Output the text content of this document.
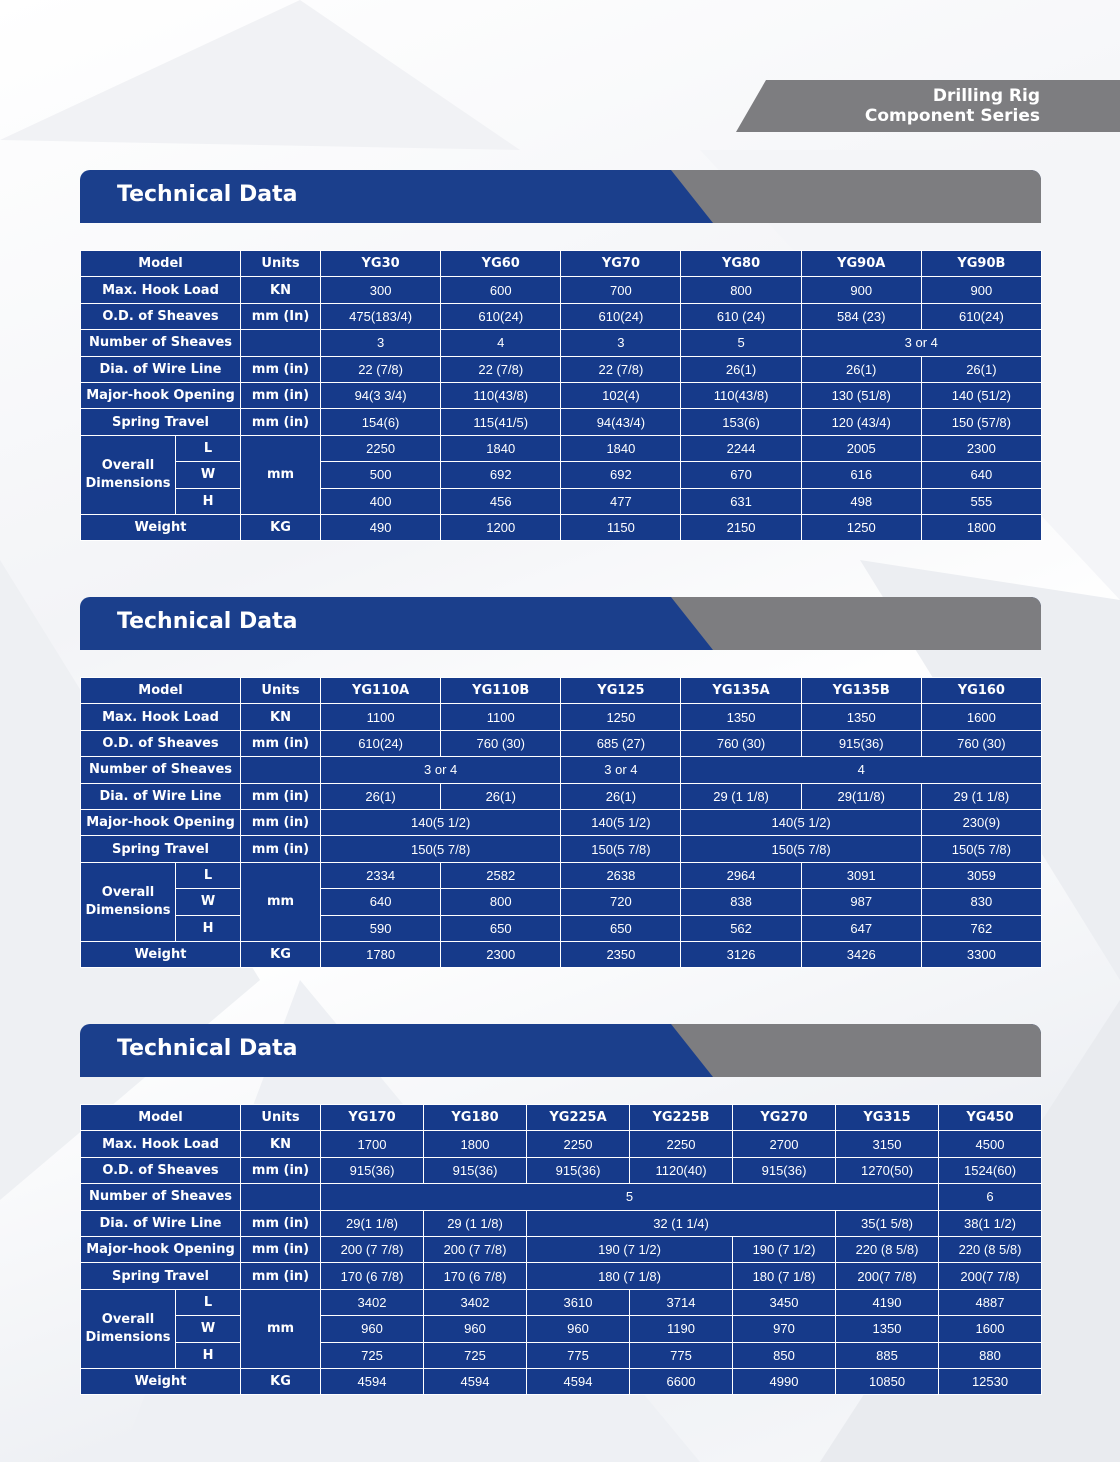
Drilling Rig
Component Series
Technical Data
Model		Units	YG30	YG60	YG70	YG80	YG90A	YG90B
Max. Hook Load		KN	300	600	700	800	900	900
O.D. of Sheaves		mm (In)	475(183/4)	610(24)	610(24)	610 (24)	584 (23)	610(24)
Number of Sheaves			3	4	3	5	3 or 4	
Dia. of Wire Line		mm (in)	22 (7/8)	22 (7/8)	22 (7/8)	26(1)	26(1)	26(1)
Major-hook Opening		mm (in)	94(3 3/4)	110(43/8)	102(4)	110(43/8)	130 (51/8)	140 (51/2)
Spring Travel		mm (in)	154(6)	115(41/5)	94(43/4)	153(6)	120 (43/4)	150 (57/8)

Overall
Dimensions	L	mm	2250	1840	1840	2244	2005	2300
	W		500	692	692	670	616	640
	H		400	456	477	631	498	555
Weight		KG	490	1200	1150	2150	1250	1800
Technical Data
Model		Units	YG110A	YG110B	YG125	YG135A	YG135B	YG160
Max. Hook Load		KN	1100	1100	1250	1350	1350	1600
O.D. of Sheaves		mm (in)	610(24)	760 (30)	685 (27)	760 (30)	915(36)	760 (30)
Number of Sheaves			3 or 4		3 or 4	4		
Dia. of Wire Line		mm (in)	26(1)	26(1)	26(1)	29 (1 1/8)	29(11/8)	29 (1 1/8)
Major-hook Opening		mm (in)	140(5 1/2)		140(5 1/2)	140(5 1/2)		230(9)
Spring Travel		mm (in)	150(5 7/8)		150(5 7/8)	150(5 7/8)		150(5 7/8)

Overall
Dimensions	L	mm	2334	2582	2638	2964	3091	3059
	W		640	800	720	838	987	830
	H		590	650	650	562	647	762
Weight		KG	1780	2300	2350	3126	3426	3300
Technical Data
Model		Units	YG170	YG180	YG225A	YG225B	YG270	YG315	YG450
Max. Hook Load		KN	1700	1800	2250	2250	2700	3150	4500
O.D. of Sheaves		mm (in)	915(36)	915(36)	915(36)	1120(40)	915(36)	1270(50)	1524(60)
Number of Sheaves			5						6
Dia. of Wire Line		mm (in)	29(1 1/8)	29 (1 1/8)	32 (1 1/4)			35(1 5/8)	38(1 1/2)
Major-hook Opening		mm (in)	200 (7 7/8)	200 (7 7/8)	190 (7 1/2)		190 (7 1/2)	220 (8 5/8)	220 (8 5/8)
Spring Travel		mm (in)	170 (6 7/8)	170 (6 7/8)	180 (7 1/8)		180 (7 1/8)	200(7 7/8)	200(7 7/8)

Overall
Dimensions	L	mm	3402	3402	3610	3714	3450	4190	4887
	W		960	960	960	1190	970	1350	1600
	H		725	725	775	775	850	885	880
Weight		KG	4594	4594	4594	6600	4990	10850	12530
